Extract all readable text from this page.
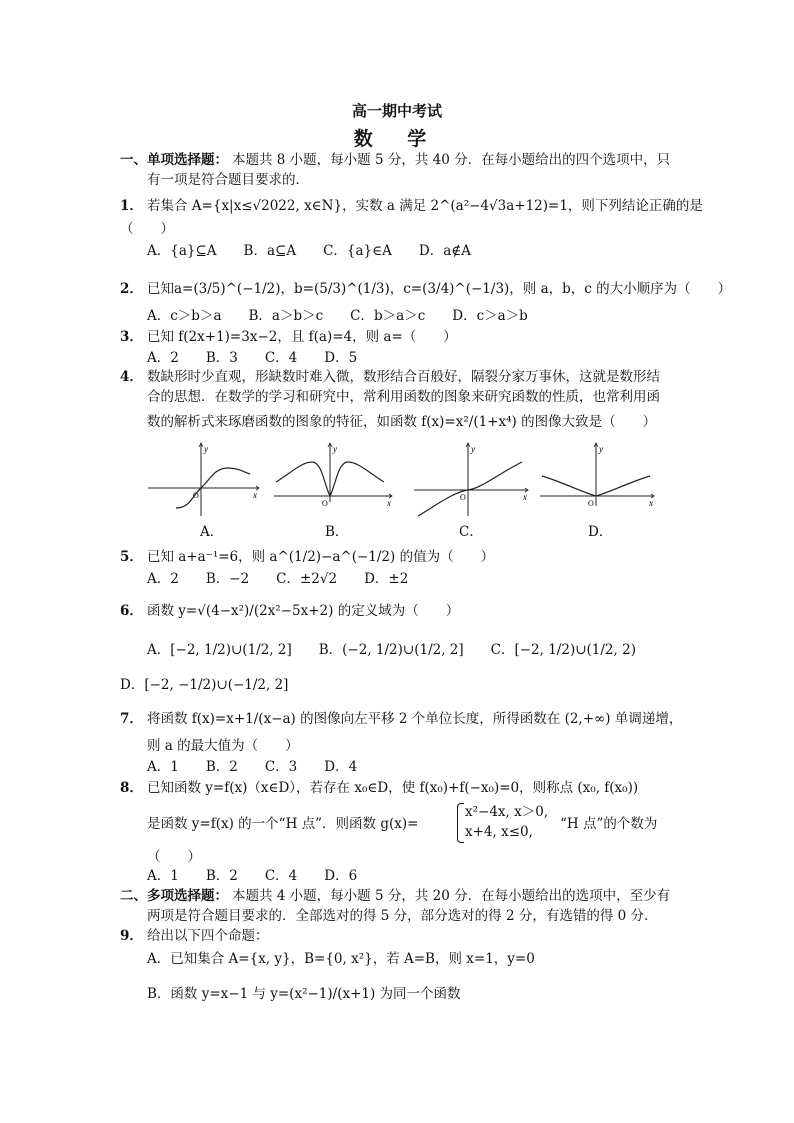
高一期中考试
数 学
一、单项选择题： 本题共 8 小题，每小题 5 分，共 40 分．在每小题给出的四个选项中，只
有一项是符合题目要求的．
1． 若集合 A={x|x≤√2022, x∈N}，实数 a 满足 2^(a²−4√3a+12)=1，则下列结论正确的是
（　　）
A．{a}⊆A　　B．a⊆A　　C．{a}∈A　　D．a∉A
2． 已知a=(3/5)^(−1/2)，b=(5/3)^(1/3)，c=(3/4)^(−1/3)，则 a，b，c 的大小顺序为（　　）
A．c＞b＞a　　B．a＞b＞c　　C．b＞a＞c　　D．c＞a＞b
3． 已知 f(2x+1)=3x−2，且 f(a)=4，则 a=（　　）
A．2　　B．3　　C．4　　D．5
4． 数缺形时少直观，形缺数时难入微，数形结合百般好，隔裂分家万事休，这就是数形结
合的思想．在数学的学习和研究中，常利用函数的图象来研究函数的性质，也常利用函
数的解析式来琢磨函数的图象的特征，如函数 f(x)=x²/(1+x⁴) 的图像大致是（　　）
y
x
O
y
x
O
y
x
O
y
x
O
A．	B．	C．	D．
5． 已知 a+a⁻¹=6，则 a^(1/2)−a^(−1/2) 的值为（　　）
A．2　　B．−2　　C．±2√2　　D．±2
6． 函数 y=√(4−x²)/(2x²−5x+2) 的定义域为（　　）
A．[−2, 1/2)∪(1/2, 2]　　B．(−2, 1/2)∪(1/2, 2]　　C．[−2, 1/2)∪(1/2, 2)
D．[−2, −1/2)∪(−1/2, 2]
7． 将函数 f(x)=x+1/(x−a) 的图像向左平移 2 个单位长度，所得函数在 (2,+∞) 单调递增，
则 a 的最大值为（　　）
A．1　　B．2　　C．3　　D．4
8． 已知函数 y=f(x)（x∈D），若存在 x₀∈D，使 f(x₀)+f(−x₀)=0，则称点 (x₀, f(x₀))
是函数 y=f(x) 的一个“H 点”．则函数 g(x)=
x²−4x, x＞0,
x+4, x≤0, “H 点”的个数为
（　　）
A．1　　B．2　　C．4　　D．6
二、多项选择题： 本题共 4 小题，每小题 5 分，共 20 分．在每小题给出的选项中，至少有
两项是符合题目要求的．全部选对的得 5 分，部分选对的得 2 分，有选错的得 0 分．
9． 给出以下四个命题：
A．已知集合 A={x, y}，B={0, x²}，若 A=B，则 x=1，y=0
B．函数 y=x−1 与 y=(x²−1)/(x+1) 为同一个函数
